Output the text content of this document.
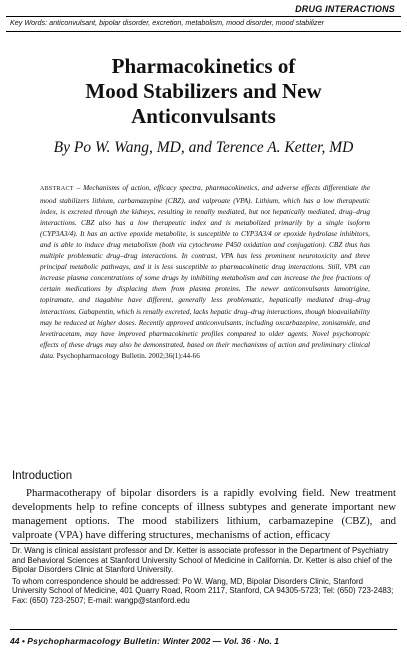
DRUG INTERACTIONS
Key Words: anticonvulsant, bipolar disorder, excretion, metabolism, mood disorder, mood stabilizer
Pharmacokinetics of
Mood Stabilizers and New
Anticonvulsants
By Po W. Wang, MD, and Terence A. Ketter, MD
ABSTRACT – Mechanisms of action, efficacy spectra, pharmacokinetics, and adverse effects differentiate the mood stabilizers lithium, carbamazepine (CBZ), and valproate (VPA). Lithium, which has a low therapeutic index, is excreted through the kidneys, resulting in renally mediated, but not hepatically mediated, drug–drug interactions. CBZ also has a low therapeutic index and is metabolized primarily by a single isoform (CYP3A3/4). It has an active epoxide metabolite, is susceptible to CYP3A3/4 or epoxide hydrolase inhibitors, and is able to induce drug metabolism (both via cytochrome P450 oxidation and conjugation). CBZ thus has multiple problematic drug–drug interactions. In contrast, VPA has less prominent neurotoxicity and three principal metabolic pathways, and it is less susceptible to pharmacokinetic drug interactions. Still, VPA can increase plasma concentrations of some drugs by inhibiting metabolism and can increase the free fractions of certain medications by displacing them from plasma proteins. The newer anticonvulsants lamotrigine, topiramate, and tiagabine have different, generally less problematic, hepatically mediated drug–drug interactions. Gabapentin, which is renally excreted, lacks hepatic drug–drug interactions, though bioavailability may be reduced at higher doses. Recently approved anticonvulsants, including oxcarbazepine, zonisamide, and levetiracetam, may have improved pharmacokinetic profiles compared to older agents. Novel psychotropic effects of these drugs may also be demonstrated, based on their mechanisms of action and preliminary clinical data. Psychopharmacology Bulletin. 2002;36(1):44-66
Introduction

Pharmacotherapy of bipolar disorders is a rapidly evolving field. New treatment developments help to refine concepts of illness subtypes and generate important new management options. The mood stabilizers lithium, carbamazepine (CBZ), and valproate (VPA) have differing structures, mechanisms of action, efficacy

Dr. Wang is clinical assistant professor and Dr. Ketter is associate professor in the Department of Psychiatry and Behavioral Sciences at Stanford University School of Medicine in California. Dr. Ketter is also chief of the Bipolar Disorders Clinic at Stanford University.

To whom correspondence should be addressed: Po W. Wang, MD, Bipolar Disorders Clinic, Stanford University School of Medicine, 401 Quarry Road, Room 2117, Stanford, CA 94305-5723; Tel: (650) 723-2483; Fax: (650) 723-2507; E-mail: wangp@stanford.edu

44 • Psychopharmacology Bulletin: Winter 2002 — Vol. 36 · No. 1
